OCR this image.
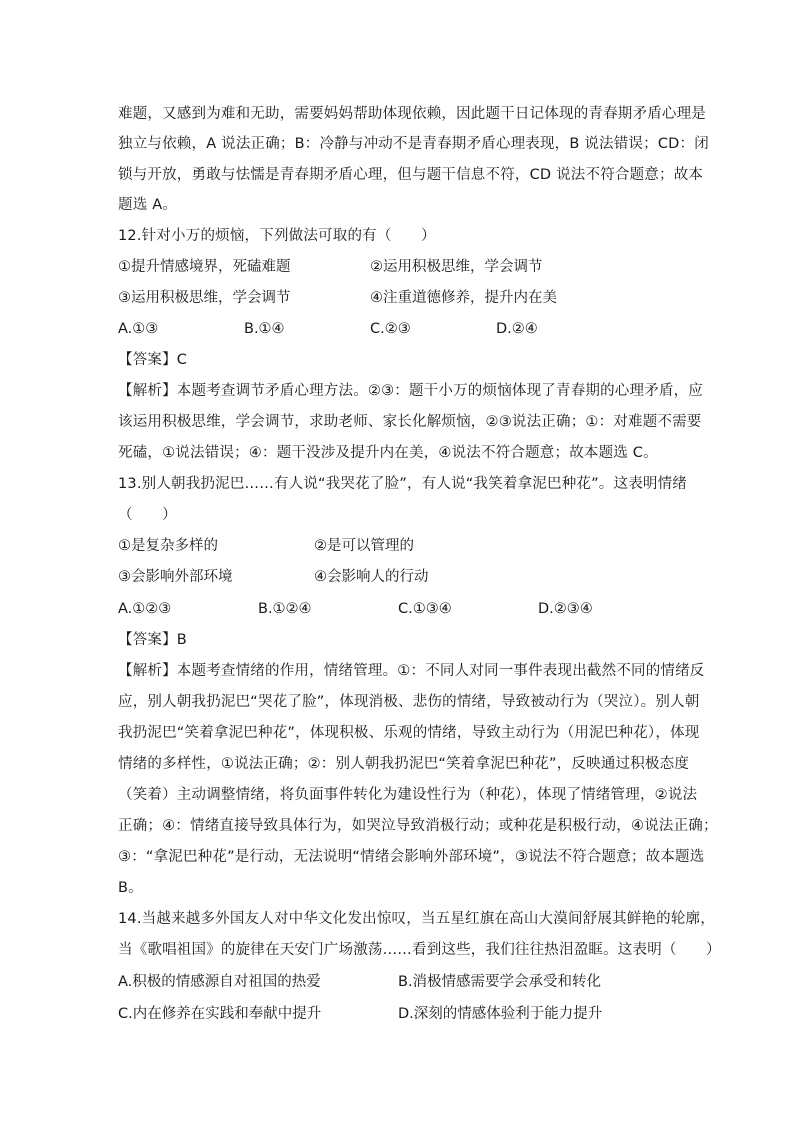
难题，又感到为难和无助，需要妈妈帮助体现依赖，因此题干日记体现的青春期矛盾心理是
独立与依赖，A 说法正确；B：冷静与冲动不是青春期矛盾心理表现，B 说法错误；CD：闭
锁与开放，勇敢与怯懦是青春期矛盾心理，但与题干信息不符，CD 说法不符合题意；故本
题选 A。
12.针对小万的烦恼，下列做法可取的有（　　）
①提升情感境界，死磕难题	②运用积极思维，学会调节
③运用积极思维，学会调节	④注重道德修养，提升内在美
A.①③	B.①④	C.②③	D.②④
【答案】C
【解析】本题考查调节矛盾心理方法。②③：题干小万的烦恼体现了青春期的心理矛盾，应
该运用积极思维，学会调节，求助老师、家长化解烦恼，②③说法正确；①：对难题不需要
死磕，①说法错误；④：题干没涉及提升内在美，④说法不符合题意；故本题选 C。
13.别人朝我扔泥巴……有人说“我哭花了脸”，有人说“我笑着拿泥巴种花”。这表明情绪
（　　）
①是复杂多样的	②是可以管理的
③会影响外部环境	④会影响人的行动
A.①②③	B.①②④	C.①③④	D.②③④
【答案】B
【解析】本题考查情绪的作用，情绪管理。①：不同人对同一事件表现出截然不同的情绪反
应，别人朝我扔泥巴“哭花了脸”，体现消极、悲伤的情绪，导致被动行为（哭泣）。别人朝
我扔泥巴“笑着拿泥巴种花”，体现积极、乐观的情绪，导致主动行为（用泥巴种花），体现
情绪的多样性，①说法正确；②：别人朝我扔泥巴“笑着拿泥巴种花”，反映通过积极态度
（笑着）主动调整情绪，将负面事件转化为建设性行为（种花），体现了情绪管理，②说法
正确；④：情绪直接导致具体行为，如哭泣导致消极行动；或种花是积极行动，④说法正确；
③：“拿泥巴种花”是行动，无法说明“情绪会影响外部环境”，③说法不符合题意；故本题选
B。
14.当越来越多外国友人对中华文化发出惊叹，当五星红旗在高山大漠间舒展其鲜艳的轮廓，
当《歌唱祖国》的旋律在天安门广场激荡……看到这些，我们往往热泪盈眶。这表明（　　）
A.积极的情感源自对祖国的热爱	B.消极情感需要学会承受和转化
C.内在修养在实践和奉献中提升	D.深刻的情感体验利于能力提升
